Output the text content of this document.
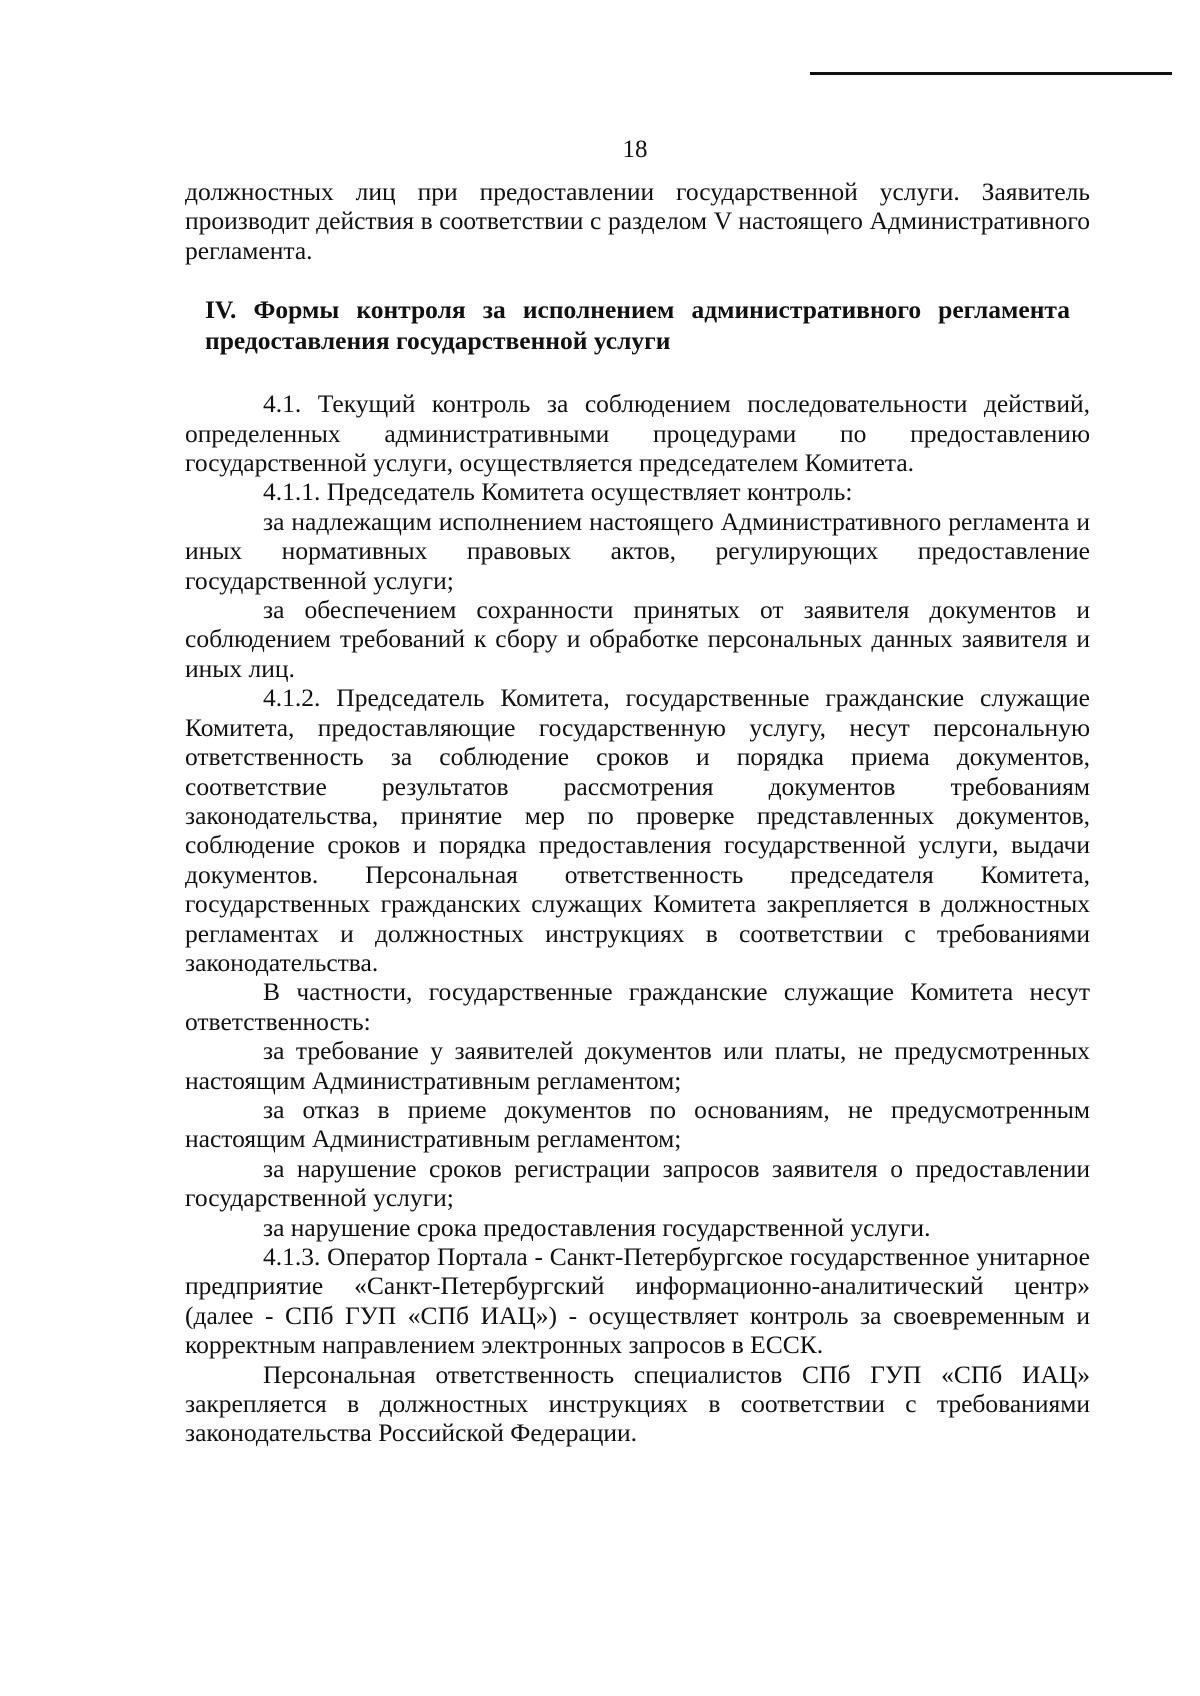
18

должностных лиц при предоставлении государственной услуги. Заявитель производит действия в соответствии с разделом V настоящего Административного регламента.

IV. Формы контроля за исполнением административного регламента предоставления государственной услуги

4.1. Текущий контроль за соблюдением последовательности действий, определенных административными процедурами по предоставлению государственной услуги, осуществляется председателем Комитета.

4.1.1. Председатель Комитета осуществляет контроль:

за надлежащим исполнением настоящего Административного регламента и иных нормативных правовых актов, регулирующих предоставление государственной услуги;

за обеспечением сохранности принятых от заявителя документов и соблюдением требований к сбору и обработке персональных данных заявителя и иных лиц.

4.1.2. Председатель Комитета, государственные гражданские служащие Комитета, предоставляющие государственную услугу, несут персональную ответственность за соблюдение сроков и порядка приема документов, соответствие результатов рассмотрения документов требованиям законодательства, принятие мер по проверке представленных документов, соблюдение сроков и порядка предоставления государственной услуги, выдачи документов. Персональная ответственность председателя Комитета, государственных гражданских служащих Комитета закрепляется в должностных регламентах и должностных инструкциях в соответствии с требованиями законодательства.

В частности, государственные гражданские служащие Комитета несут ответственность:

за требование у заявителей документов или платы, не предусмотренных настоящим Административным регламентом;

за отказ в приеме документов по основаниям, не предусмотренным настоящим Административным регламентом;

за нарушение сроков регистрации запросов заявителя о предоставлении государственной услуги;

за нарушение срока предоставления государственной услуги.

4.1.3. Оператор Портала - Санкт-Петербургское государственное унитарное предприятие «Санкт-Петербургский информационно-аналитический центр» (далее - СПб ГУП «СПб ИАЦ») - осуществляет контроль за своевременным и корректным направлением электронных запросов в ЕССК.

Персональная ответственность специалистов СПб ГУП «СПб ИАЦ» закрепляется в должностных инструкциях в соответствии с требованиями законодательства Российской Федерации.
